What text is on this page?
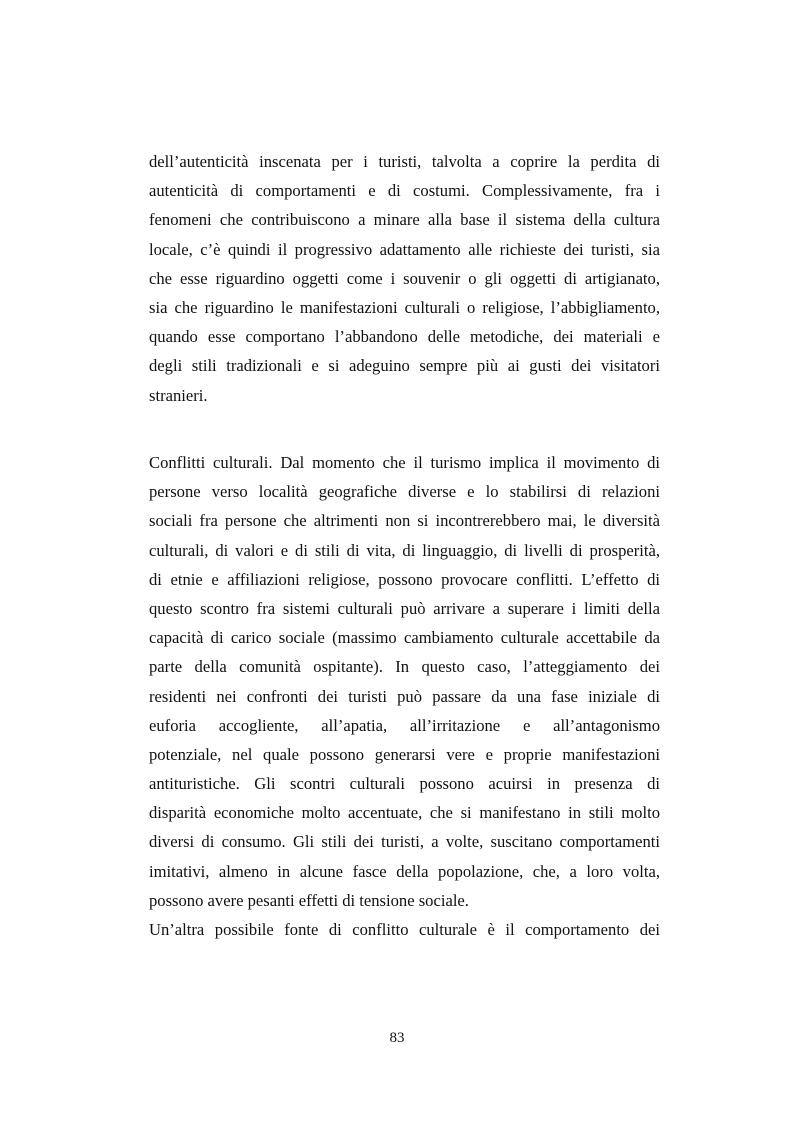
dell’autenticità inscenata per i turisti, talvolta a coprire la perdita di
autenticità di comportamenti e di costumi. Complessivamente, fra i
fenomeni che contribuiscono a minare alla base il sistema della cultura
locale, c’è quindi il progressivo adattamento alle richieste dei turisti, sia
che esse riguardino oggetti come i souvenir o gli oggetti di artigianato,
sia che riguardino le manifestazioni culturali o religiose, l’abbigliamento,
quando esse comportano l’abbandono delle metodiche, dei materiali e
degli stili tradizionali e si adeguino sempre più ai gusti dei visitatori
stranieri.
Conflitti culturali. Dal momento che il turismo implica il movimento di
persone verso località geografiche diverse e lo stabilirsi di relazioni
sociali fra persone che altrimenti non si incontrerebbero mai, le diversità
culturali, di valori e di stili di vita, di linguaggio, di livelli di prosperità,
di etnie e affiliazioni religiose, possono provocare conflitti. L’effetto di
questo scontro fra sistemi culturali può arrivare a superare i limiti della
capacità di carico sociale (massimo cambiamento culturale accettabile da
parte della comunità ospitante). In questo caso, l’atteggiamento dei
residenti nei confronti dei turisti può passare da una fase iniziale di
euforia accogliente, all’apatia, all’irritazione e all’antagonismo
potenziale, nel quale possono generarsi vere e proprie manifestazioni
antituristiche. Gli scontri culturali possono acuirsi in presenza di
disparità economiche molto accentuate, che si manifestano in stili molto
diversi di consumo. Gli stili dei turisti, a volte, suscitano comportamenti
imitativi, almeno in alcune fasce della popolazione, che, a loro volta,
possono avere pesanti effetti di tensione sociale.
Un’altra possibile fonte di conflitto culturale è il comportamento dei
83
